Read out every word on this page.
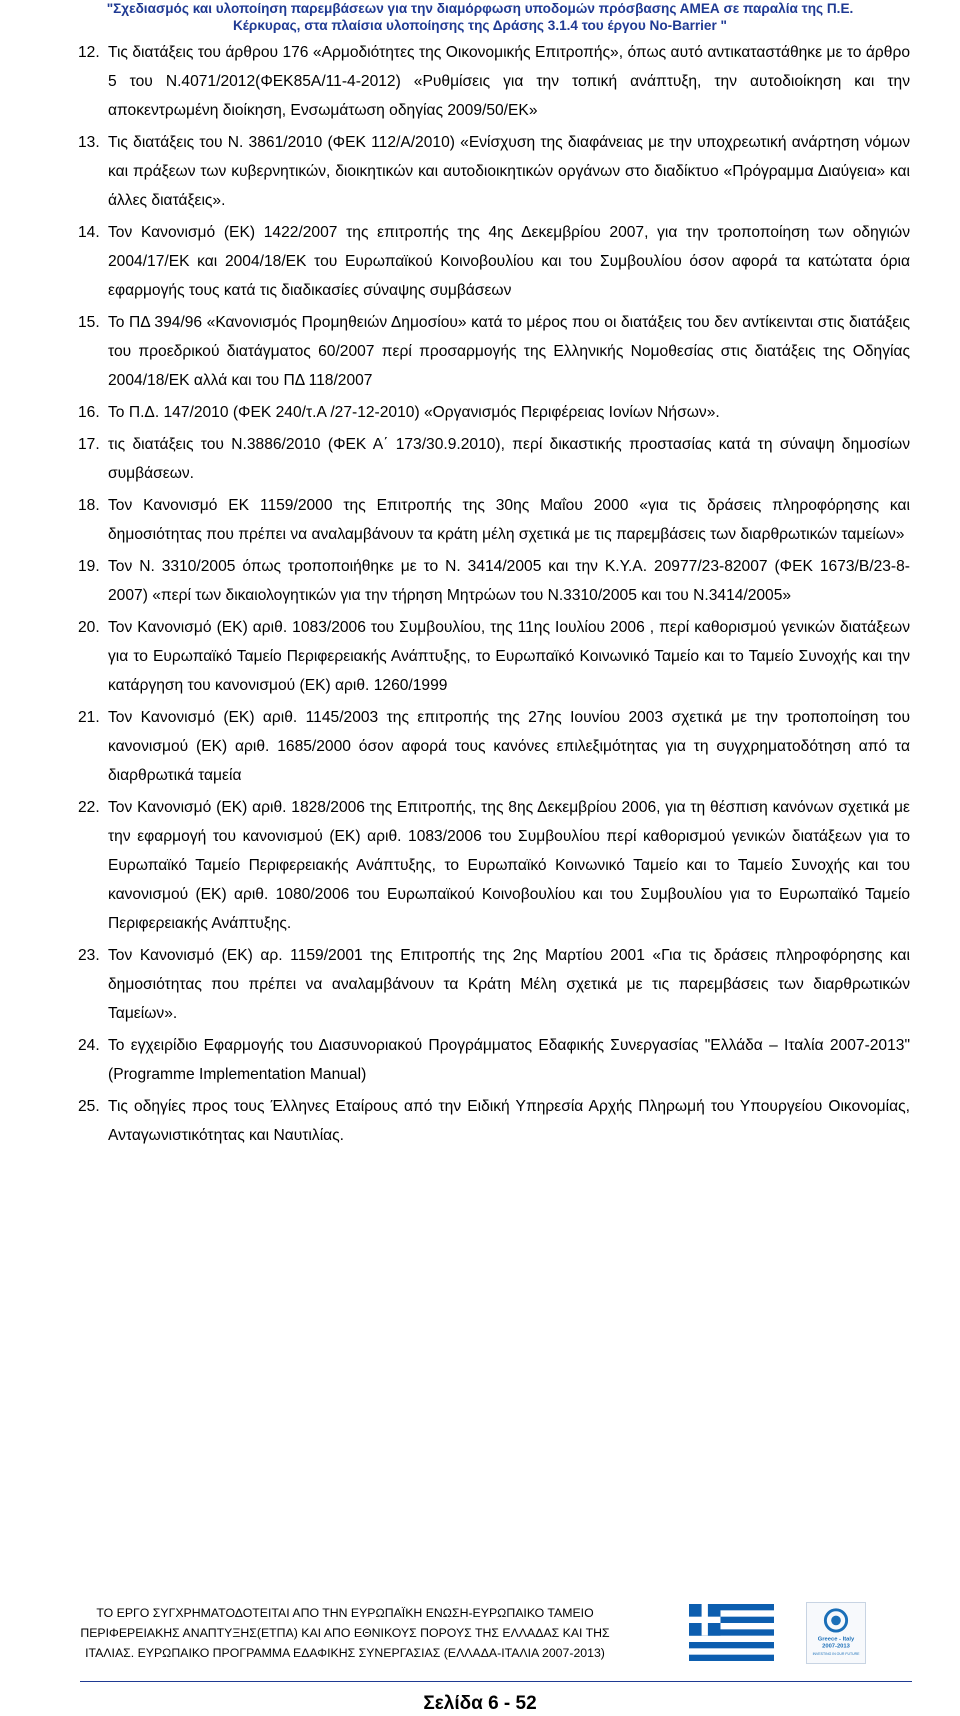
"Σχεδιασμός και υλοποίηση παρεμβάσεων για την διαμόρφωση υποδομών πρόσβασης ΑΜΕΑ σε παραλία της Π.Ε.
Κέρκυρας, στα πλαίσια υλοποίησης της Δράσης 3.1.4 του έργου No-Barrier "
12. Τις διατάξεις του άρθρου 176 «Αρμοδιότητες της Οικονομικής Επιτροπής», όπως αυτό αντικαταστάθηκε με το άρθρο 5 του Ν.4071/2012(ΦΕΚ85Α/11-4-2012) «Ρυθμίσεις για την τοπική ανάπτυξη, την αυτοδιοίκηση και την αποκεντρωμένη διοίκηση, Ενσωμάτωση οδηγίας 2009/50/ΕΚ»
13. Τις διατάξεις του Ν. 3861/2010 (ΦΕΚ 112/Α/2010) «Ενίσχυση της διαφάνειας με την υποχρεωτική ανάρτηση νόμων και πράξεων των κυβερνητικών, διοικητικών και αυτοδιοικητικών οργάνων στο διαδίκτυο «Πρόγραμμα Διαύγεια» και άλλες διατάξεις».
14. Τον Κανονισμό (ΕΚ) 1422/2007 της επιτροπής της 4ης Δεκεμβρίου 2007, για την τροποποίηση των οδηγιών 2004/17/ΕΚ και 2004/18/ΕΚ του Ευρωπαϊκού Κοινοβουλίου και του Συμβουλίου όσον αφορά τα κατώτατα όρια εφαρμογής τους κατά τις διαδικασίες σύναψης συμβάσεων
15. Το ΠΔ 394/96 «Κανονισμός Προμηθειών Δημοσίου» κατά το μέρος που οι διατάξεις του δεν αντίκεινται στις διατάξεις του προεδρικού διατάγματος 60/2007 περί προσαρμογής της Ελληνικής Νομοθεσίας στις διατάξεις της Οδηγίας 2004/18/ΕΚ αλλά και του ΠΔ 118/2007
16. Το Π.Δ. 147/2010 (ΦΕΚ 240/τ.Α /27-12-2010) «Οργανισμός Περιφέρειας Ιονίων Νήσων».
17. τις διατάξεις του Ν.3886/2010 (ΦΕΚ Α΄ 173/30.9.2010), περί δικαστικής προστασίας κατά τη σύναψη δημοσίων συμβάσεων.
18. Τον Κανονισμό ΕΚ 1159/2000 της Επιτροπής της 30ης Μαΐου 2000 «για τις δράσεις πληροφόρησης και δημοσιότητας που πρέπει να αναλαμβάνουν τα κράτη μέλη σχετικά με τις παρεμβάσεις των διαρθρωτικών ταμείων»
19. Τον Ν. 3310/2005 όπως τροποποιήθηκε με το Ν. 3414/2005 και την Κ.Υ.Α. 20977/23-82007 (ΦΕΚ 1673/Β/23-8-2007) «περί των δικαιολογητικών για την τήρηση Μητρώων του Ν.3310/2005 και του Ν.3414/2005»
20. Τον Κανονισμό (ΕΚ) αριθ. 1083/2006 του Συμβουλίου, της 11ης Ιουλίου 2006 , περί καθορισμού γενικών διατάξεων για το Ευρωπαϊκό Ταμείο Περιφερειακής Ανάπτυξης, το Ευρωπαϊκό Κοινωνικό Ταμείο και το Ταμείο Συνοχής και την κατάργηση του κανονισμού (ΕΚ) αριθ. 1260/1999
21. Τον Κανονισμό (ΕΚ) αριθ. 1145/2003 της επιτροπής της 27ης Ιουνίου 2003 σχετικά με την τροποποίηση του κανονισμού (ΕΚ) αριθ. 1685/2000 όσον αφορά τους κανόνες επιλεξιμότητας για τη συγχρηματοδότηση από τα διαρθρωτικά ταμεία
22. Τον Κανονισμό (ΕΚ) αριθ. 1828/2006 της Επιτροπής, της 8ης Δεκεμβρίου 2006, για τη θέσπιση κανόνων σχετικά με την εφαρμογή του κανονισμού (ΕΚ) αριθ. 1083/2006 του Συμβουλίου περί καθορισμού γενικών διατάξεων για το Ευρωπαϊκό Ταμείο Περιφερειακής Ανάπτυξης, το Ευρωπαϊκό Κοινωνικό Ταμείο και το Ταμείο Συνοχής και του κανονισμού (ΕΚ) αριθ. 1080/2006 του Ευρωπαϊκού Κοινοβουλίου και του Συμβουλίου για το Ευρωπαϊκό Ταμείο Περιφερειακής Ανάπτυξης.
23. Τον Κανονισμό (ΕΚ) αρ. 1159/2001 της Επιτροπής της 2ης Μαρτίου 2001 «Για τις δράσεις πληροφόρησης και δημοσιότητας που πρέπει να αναλαμβάνουν τα Κράτη Μέλη σχετικά με τις παρεμβάσεις των διαρθρωτικών Ταμείων».
24. Το εγχειρίδιο Εφαρμογής του Διασυνοριακού Προγράμματος Εδαφικής Συνεργασίας "Ελλάδα – Ιταλία 2007-2013" (Programme Implementation Manual)
25. Τις οδηγίες προς τους Έλληνες Εταίρους από την Ειδική Υπηρεσία Αρχής Πληρωμή του Υπουργείου Οικονομίας, Ανταγωνιστικότητας και Ναυτιλίας.
ΤΟ ΕΡΓΟ ΣΥΓΧΡΗΜΑΤΟΔΟΤΕΙΤΑΙ ΑΠΟ ΤΗΝ ΕΥΡΩΠΑΪΚΗ ΕΝΩΣΗ-ΕΥΡΩΠΑΙΚΟ ΤΑΜΕΙΟ
ΠΕΡΙΦΕΡΕΙΑΚΗΣ ΑΝΑΠΤΥΞΗΣ(ΕΤΠΑ) ΚΑΙ ΑΠΟ ΕΘΝΙΚΟΥΣ ΠΟΡΟΥΣ ΤΗΣ ΕΛΛΑΔΑΣ ΚΑΙ ΤΗΣ
ΙΤΑΛΙΑΣ. ΕΥΡΩΠΑΙΚΟ ΠΡΟΓΡΑΜΜΑ ΕΔΑΦΙΚΗΣ ΣΥΝΕΡΓΑΣΙΑΣ (ΕΛΛΑΔΑ-ΙΤΑΛΙΑ 2007-2013)
Greece - Italy
2007-2013
INVESTING IN OUR FUTURE
Σελίδα 6 - 52
